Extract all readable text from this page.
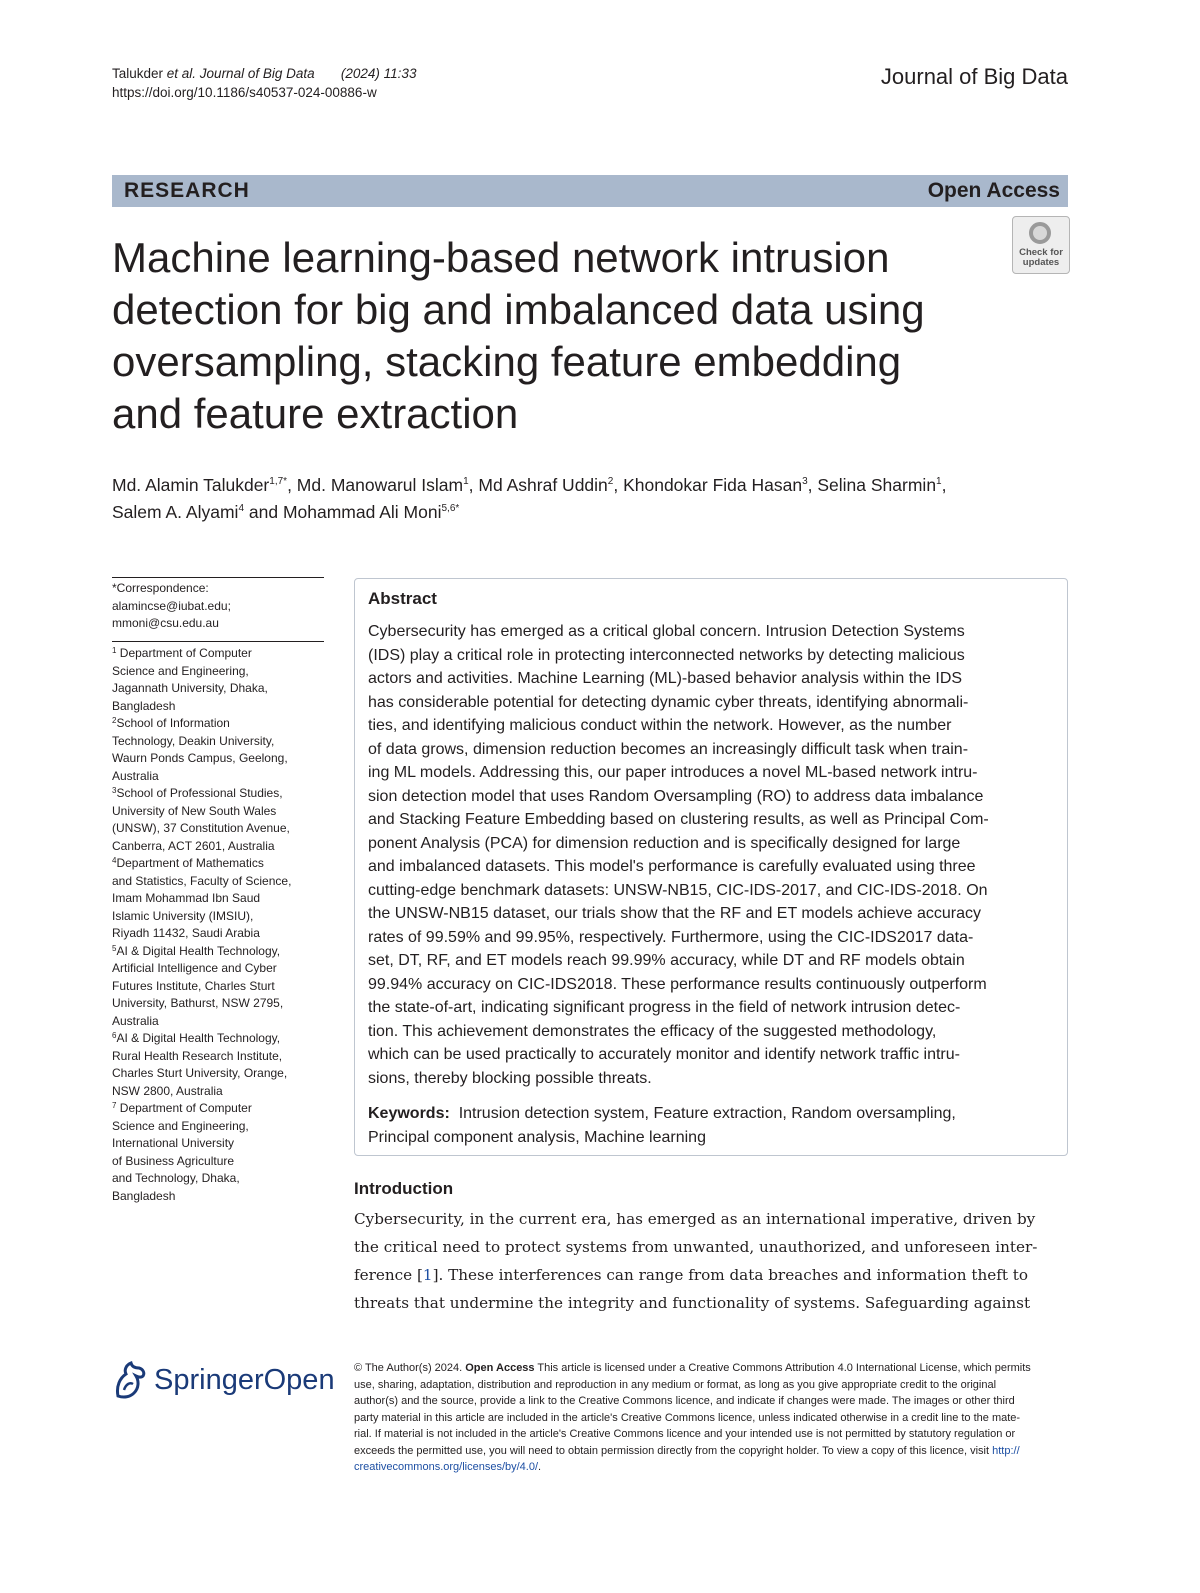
Talukder et al. Journal of Big Data (2024) 11:33
https://doi.org/10.1186/s40537-024-00886-w
Journal of Big Data
RESEARCH	Open Access
Machine learning-based network intrusion
detection for big and imbalanced data using
oversampling, stacking feature embedding
and feature extraction
Check for
updates
Md. Alamin Talukder$^{1,7*}$, Md. Manowarul Islam$^1$, Md Ashraf Uddin$^2$, Khondokar Fida Hasan$^3$, Selina Sharmin$^1$,
Salem A. Alyami$^4$ and Mohammad Ali Moni$^{5,6*}$
*Correspondence:
alamincse@iubat.edu;
mmoni@csu.edu.au
$^1$ Department of Computer
Science and Engineering,
Jagannath University, Dhaka,
Bangladesh
$^2$School of Information
Technology, Deakin University,
Waurn Ponds Campus, Geelong,
Australia
$^3$School of Professional Studies,
University of New South Wales
(UNSW), 37 Constitution Avenue,
Canberra, ACT 2601, Australia
$^4$Department of Mathematics
and Statistics, Faculty of Science,
Imam Mohammad Ibn Saud
Islamic University (IMSIU),
Riyadh 11432, Saudi Arabia
$^5$AI & Digital Health Technology,
Artificial Intelligence and Cyber
Futures Institute, Charles Sturt
University, Bathurst, NSW 2795,
Australia
$^6$AI & Digital Health Technology,
Rural Health Research Institute,
Charles Sturt University, Orange,
NSW 2800, Australia
$^7$ Department of Computer
Science and Engineering,
International University
of Business Agriculture
and Technology, Dhaka,
Bangladesh
Abstract
Cybersecurity has emerged as a critical global concern. Intrusion Detection Systems
(IDS) play a critical role in protecting interconnected networks by detecting malicious
actors and activities. Machine Learning (ML)-based behavior analysis within the IDS
has considerable potential for detecting dynamic cyber threats, identifying abnormali-
ties, and identifying malicious conduct within the network. However, as the number
of data grows, dimension reduction becomes an increasingly difficult task when train-
ing ML models. Addressing this, our paper introduces a novel ML-based network intru-
sion detection model that uses Random Oversampling (RO) to address data imbalance
and Stacking Feature Embedding based on clustering results, as well as Principal Com-
ponent Analysis (PCA) for dimension reduction and is specifically designed for large
and imbalanced datasets. This model's performance is carefully evaluated using three
cutting-edge benchmark datasets: UNSW-NB15, CIC-IDS-2017, and CIC-IDS-2018. On
the UNSW-NB15 dataset, our trials show that the RF and ET models achieve accuracy
rates of 99.59% and 99.95%, respectively. Furthermore, using the CIC-IDS2017 data-
set, DT, RF, and ET models reach 99.99% accuracy, while DT and RF models obtain
99.94% accuracy on CIC-IDS2018. These performance results continuously outperform
the state-of-art, indicating significant progress in the field of network intrusion detec-
tion. This achievement demonstrates the efficacy of the suggested methodology,
which can be used practically to accurately monitor and identify network traffic intru-
sions, thereby blocking possible threats.
Keywords: Intrusion detection system, Feature extraction, Random oversampling,
Principal component analysis, Machine learning
Introduction
Cybersecurity, in the current era, has emerged as an international imperative, driven by
the critical need to protect systems from unwanted, unauthorized, and unforeseen inter-
ference [1]. These interferences can range from data breaches and information theft to
threats that undermine the integrity and functionality of systems. Safeguarding against
SpringerOpen © The Author(s) 2024. Open Access This article is licensed under a Creative Commons Attribution 4.0 International License, which permits
use, sharing, adaptation, distribution and reproduction in any medium or format, as long as you give appropriate credit to the original
author(s) and the source, provide a link to the Creative Commons licence, and indicate if changes were made. The images or other third
party material in this article are included in the article's Creative Commons licence, unless indicated otherwise in a credit line to the mate-
rial. If material is not included in the article's Creative Commons licence and your intended use is not permitted by statutory regulation or
exceeds the permitted use, you will need to obtain permission directly from the copyright holder. To view a copy of this licence, visit http://
creativecommons.org/licenses/by/4.0/.
